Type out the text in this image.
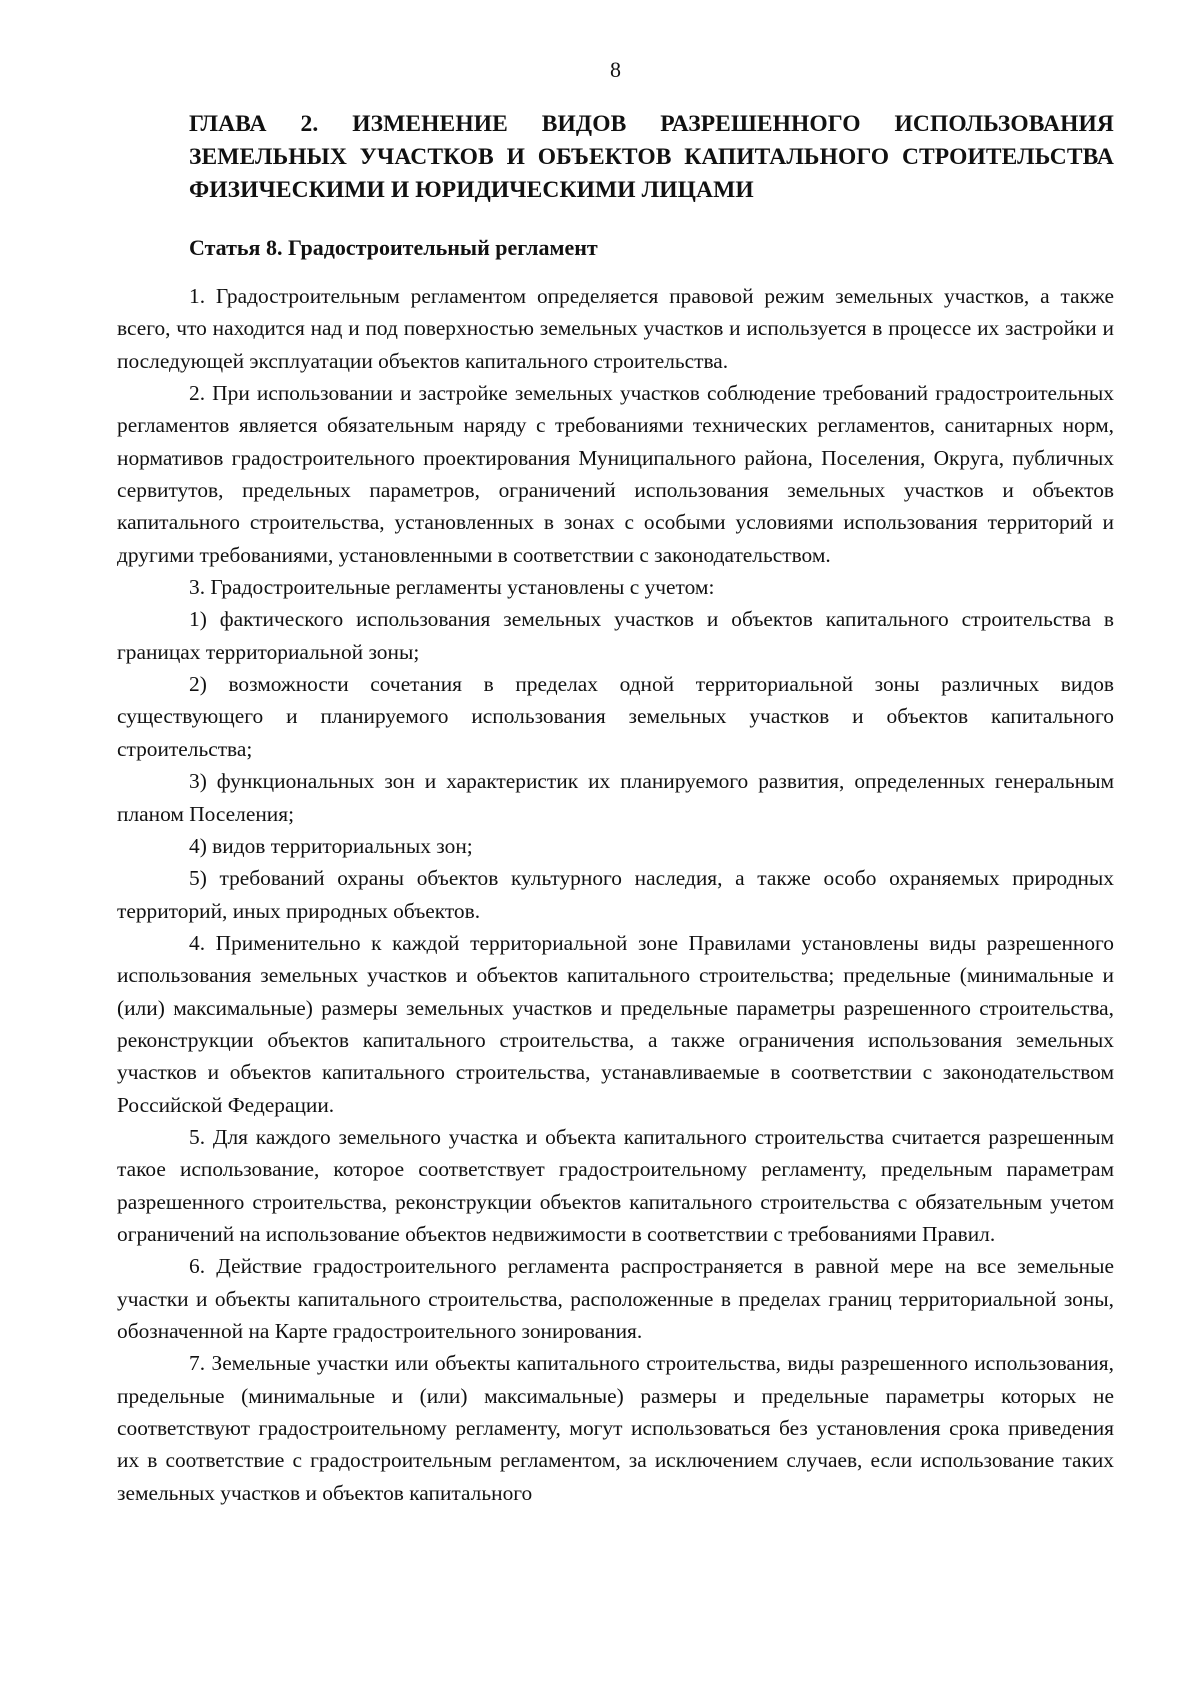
8
ГЛАВА 2. ИЗМЕНЕНИЕ ВИДОВ РАЗРЕШЕННОГО ИСПОЛЬЗОВАНИЯ ЗЕМЕЛЬНЫХ УЧАСТКОВ И ОБЪЕКТОВ КАПИТАЛЬНОГО СТРОИТЕЛЬСТВА ФИЗИЧЕСКИМИ И ЮРИДИЧЕСКИМИ ЛИЦАМИ
Статья 8. Градостроительный регламент

1. Градостроительным регламентом определяется правовой режим земельных участков, а также всего, что находится над и под поверхностью земельных участков и используется в процессе их застройки и последующей эксплуатации объектов капитального строительства.

2. При использовании и застройке земельных участков соблюдение требований градостроительных регламентов является обязательным наряду с требованиями технических регламентов, санитарных норм, нормативов градостроительного проектирования Муниципального района, Поселения, Округа, публичных сервитутов, предельных параметров, ограничений использования земельных участков и объектов капитального строительства, установленных в зонах с особыми условиями использования территорий и другими требованиями, установленными в соответствии с законодательством.

3. Градостроительные регламенты установлены с учетом:

1) фактического использования земельных участков и объектов капитального строительства в границах территориальной зоны;

2) возможности сочетания в пределах одной территориальной зоны различных видов существующего и планируемого использования земельных участков и объектов капитального строительства;

3) функциональных зон и характеристик их планируемого развития, определенных генеральным планом Поселения;

4) видов территориальных зон;

5) требований охраны объектов культурного наследия, а также особо охраняемых природных территорий, иных природных объектов.

4. Применительно к каждой территориальной зоне Правилами установлены виды разрешенного использования земельных участков и объектов капитального строительства; предельные (минимальные и (или) максимальные) размеры земельных участков и предельные параметры разрешенного строительства, реконструкции объектов капитального строительства, а также ограничения использования земельных участков и объектов капитального строительства, устанавливаемые в соответствии с законодательством Российской Федерации.

5. Для каждого земельного участка и объекта капитального строительства считается разрешенным такое использование, которое соответствует градостроительному регламенту, предельным параметрам разрешенного строительства, реконструкции объектов капитального строительства с обязательным учетом ограничений на использование объектов недвижимости в соответствии с требованиями Правил.

6. Действие градостроительного регламента распространяется в равной мере на все земельные участки и объекты капитального строительства, расположенные в пределах границ территориальной зоны, обозначенной на Карте градостроительного зонирования.

7. Земельные участки или объекты капитального строительства, виды разрешенного использования, предельные (минимальные и (или) максимальные) размеры и предельные параметры которых не соответствуют градостроительному регламенту, могут использоваться без установления срока приведения их в соответствие с градостроительным регламентом, за исключением случаев, если использование таких земельных участков и объектов капитального
